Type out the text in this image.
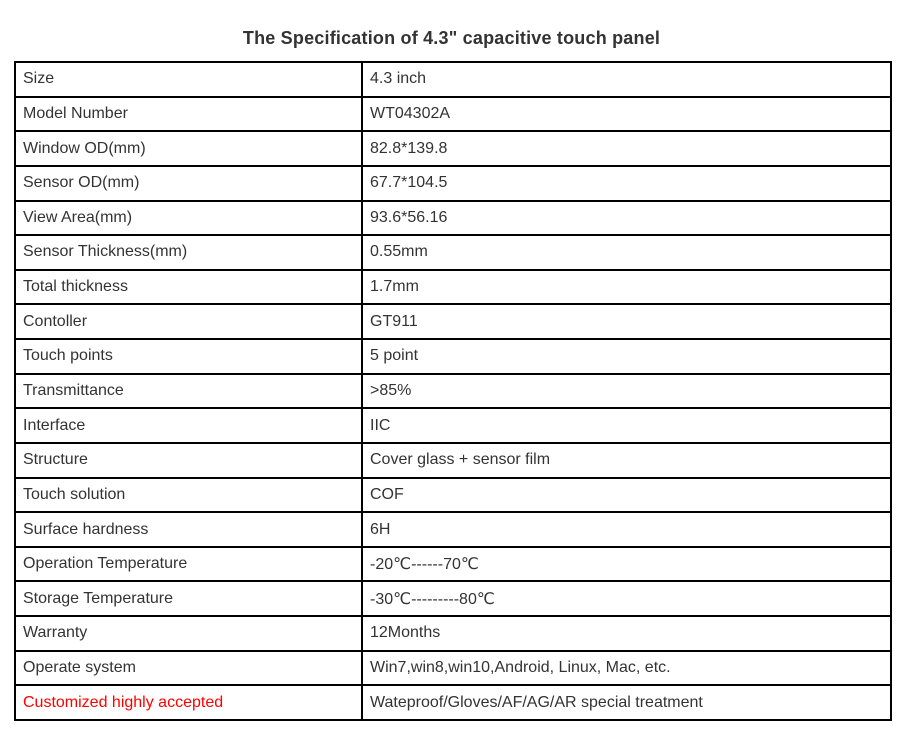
The Specification of 4.3" capacitive touch panel
Size	4.3 inch
Model Number	WT04302A
Window OD(mm)	82.8*139.8
Sensor OD(mm)	67.7*104.5
View Area(mm)	93.6*56.16
Sensor Thickness(mm)	0.55mm
Total thickness	1.7mm
Contoller	GT911
Touch points	5 point
Transmittance	>85%
Interface	IIC
Structure	Cover glass + sensor film
Touch solution	COF
Surface hardness	6H
Operation Temperature	-20℃------70℃
Storage Temperature	-30℃---------80℃
Warranty	12Months
Operate system	Win7,win8,win10,Android, Linux, Mac, etc.
Customized highly accepted	Wateproof/Gloves/AF/AG/AR special treatment
